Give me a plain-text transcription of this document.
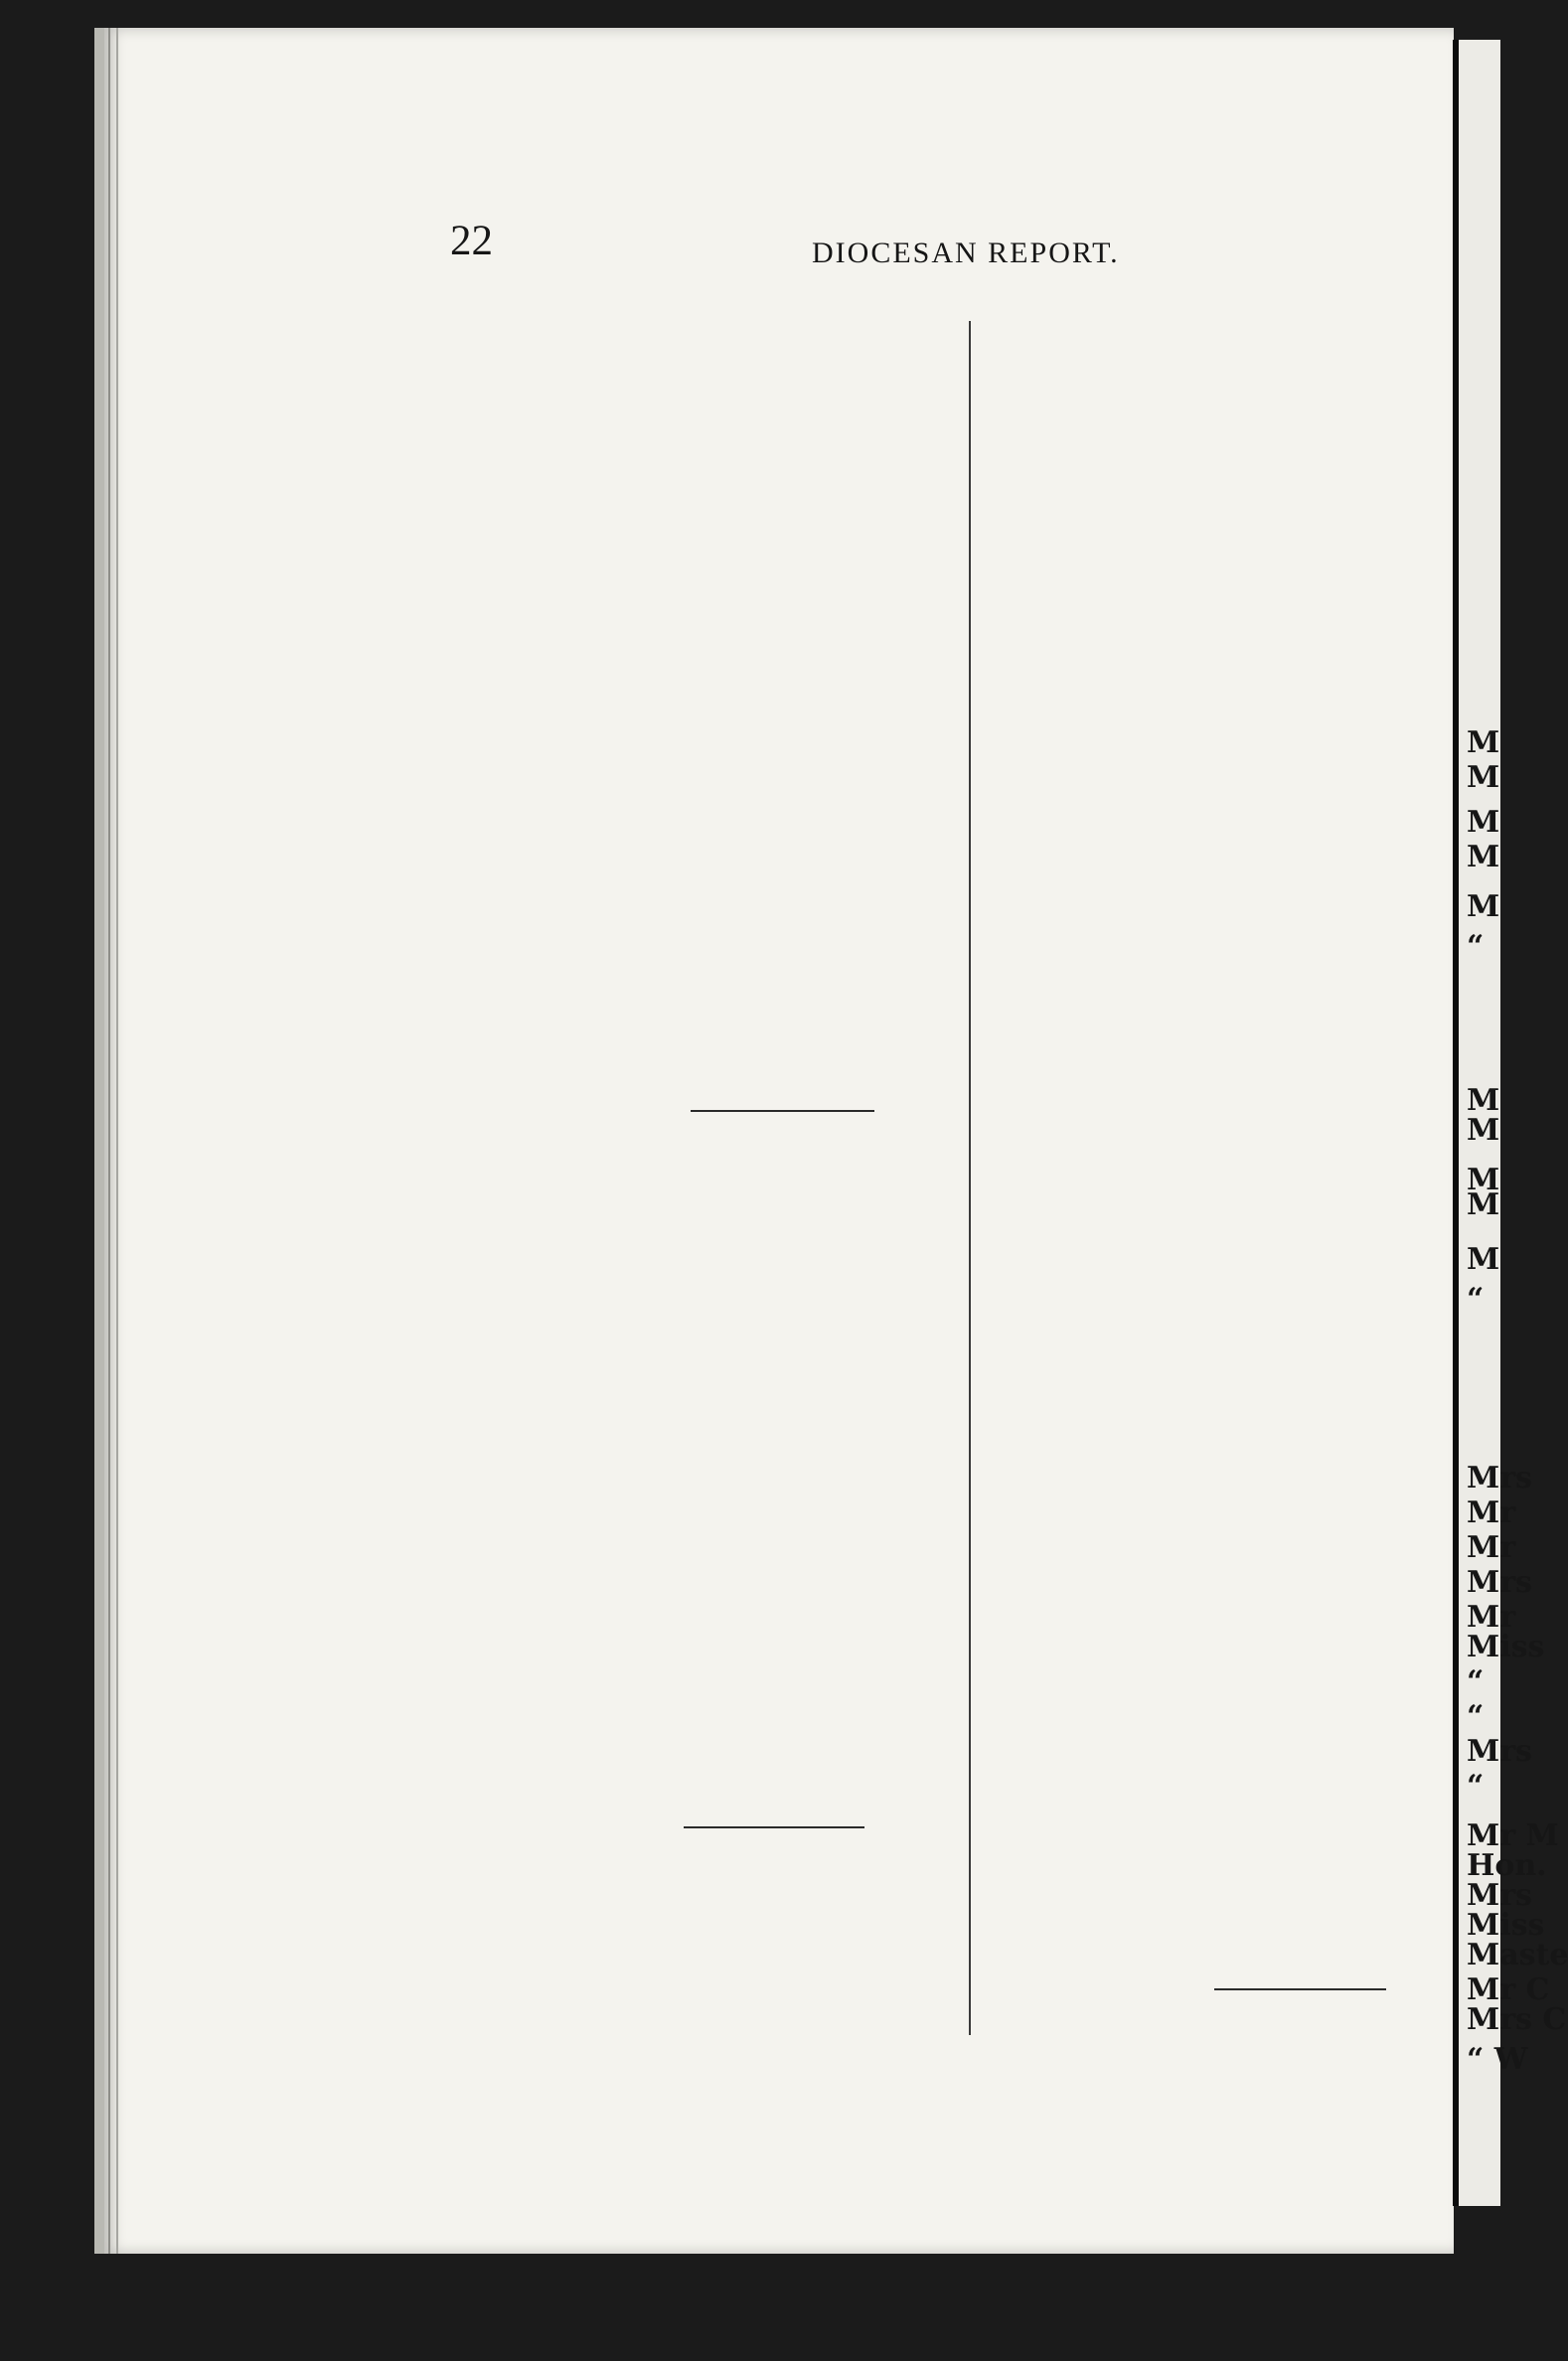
22	DIOCESAN REPORT.
M
M
M
M
M
“
M
M
M
M
M
“
Mrs
Mr
Mr
Mrs
Mr
Miss
“
“
Mrs
“
Mr M
Hon.
Mrs
Miss
Maste
Mr C
Mrs C
“ W
